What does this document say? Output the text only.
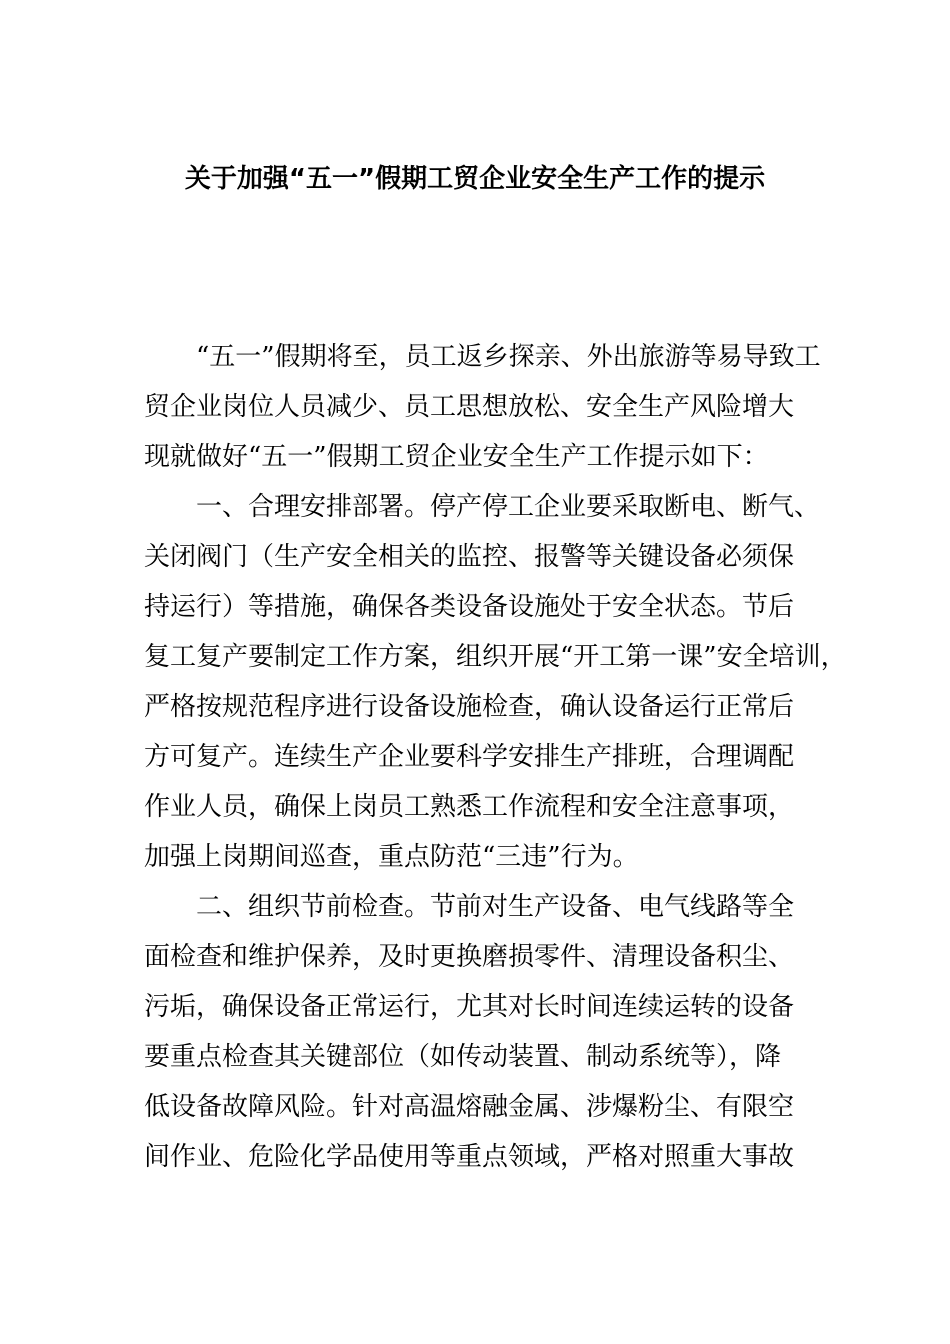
关于加强“五一”假期工贸企业安全生产工作的提示
“五一”假期将至，员工返乡探亲、外出旅游等易导致工
贸企业岗位人员减少、员工思想放松、安全生产风险增大
现就做好“五一”假期工贸企业安全生产工作提示如下：
一、合理安排部署。停产停工企业要采取断电、断气、
关闭阀门（生产安全相关的监控、报警等关键设备必须保
持运行）等措施，确保各类设备设施处于安全状态。节后
复工复产要制定工作方案，组织开展“开工第一课”安全培训，
严格按规范程序进行设备设施检查，确认设备运行正常后
方可复产。连续生产企业要科学安排生产排班，合理调配
作业人员，确保上岗员工熟悉工作流程和安全注意事项，
加强上岗期间巡查，重点防范“三违”行为。
二、组织节前检查。节前对生产设备、电气线路等全
面检查和维护保养，及时更换磨损零件、清理设备积尘、
污垢，确保设备正常运行，尤其对长时间连续运转的设备
要重点检查其关键部位（如传动装置、制动系统等），降
低设备故障风险。针对高温熔融金属、涉爆粉尘、有限空
间作业、危险化学品使用等重点领域，严格对照重大事故
